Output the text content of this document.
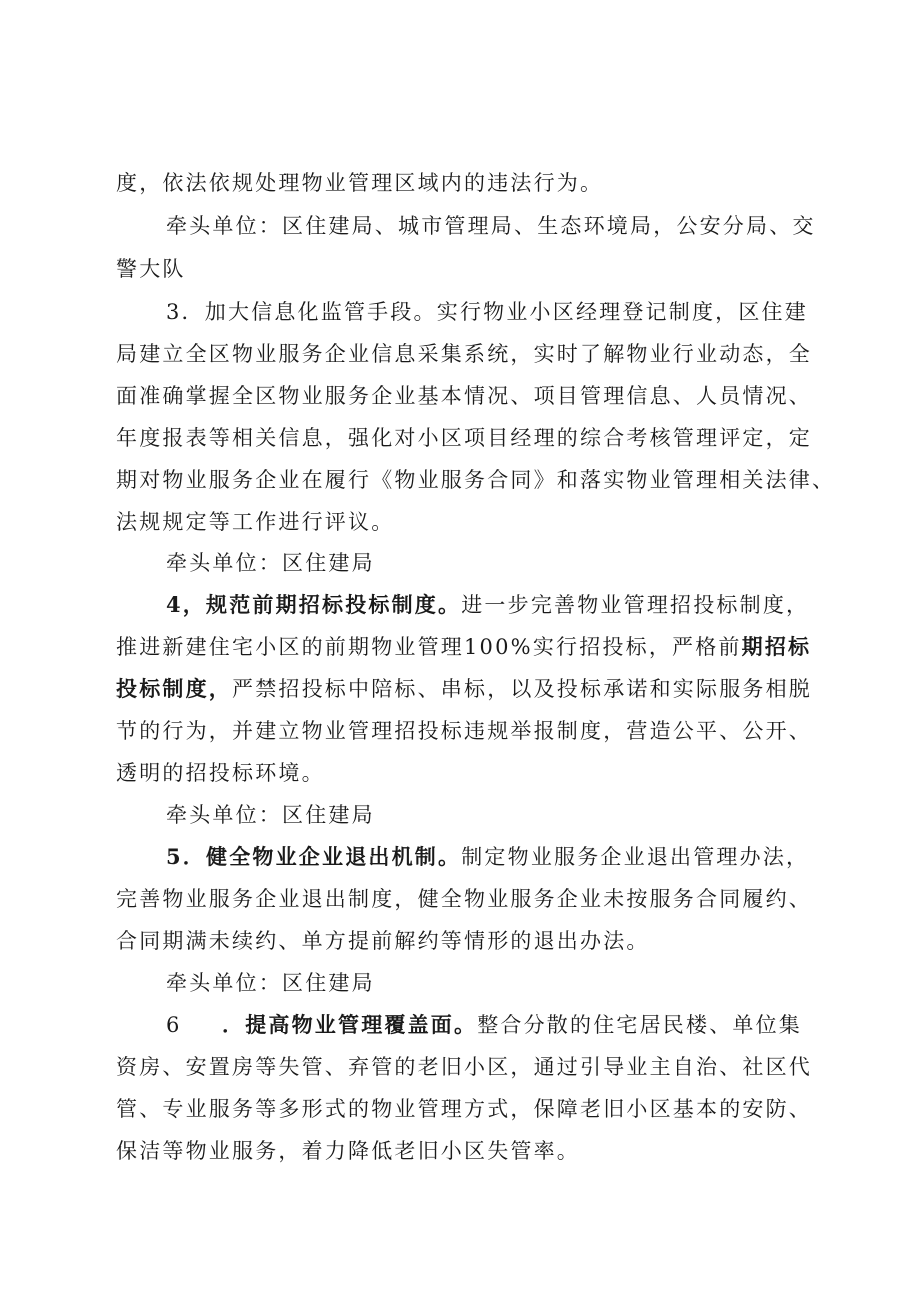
度，依法依规处理物业管理区域内的违法行为。

牵头单位：区住建局、城市管理局、生态环境局，公安分局、交

警大队

3．加大信息化监管手段。实行物业小区经理登记制度，区住建

局建立全区物业服务企业信息采集系统，实时了解物业行业动态，全

面准确掌握全区物业服务企业基本情况、项目管理信息、人员情况、

年度报表等相关信息，强化对小区项目经理的综合考核管理评定，定

期对物业服务企业在履行《物业服务合同》和落实物业管理相关法律、

法规规定等工作进行评议。

牵头单位：区住建局

4，规范前期招标投标制度。进一步完善物业管理招投标制度，

推进新建住宅小区的前期物业管理100%实行招投标，严格前期招标

投标制度，严禁招投标中陪标、串标，以及投标承诺和实际服务相脱

节的行为，并建立物业管理招投标违规举报制度，营造公平、公开、

透明的招投标环境。

牵头单位：区住建局

5．健全物业企业退出机制。制定物业服务企业退出管理办法，

完善物业服务企业退出制度，健全物业服务企业未按服务合同履约、

合同期满未续约、单方提前解约等情形的退出办法。

牵头单位：区住建局

6 ．提高物业管理覆盖面。整合分散的住宅居民楼、单位集

资房、安置房等失管、弃管的老旧小区，通过引导业主自治、社区代

管、专业服务等多形式的物业管理方式，保障老旧小区基本的安防、

保洁等物业服务，着力降低老旧小区失管率。
